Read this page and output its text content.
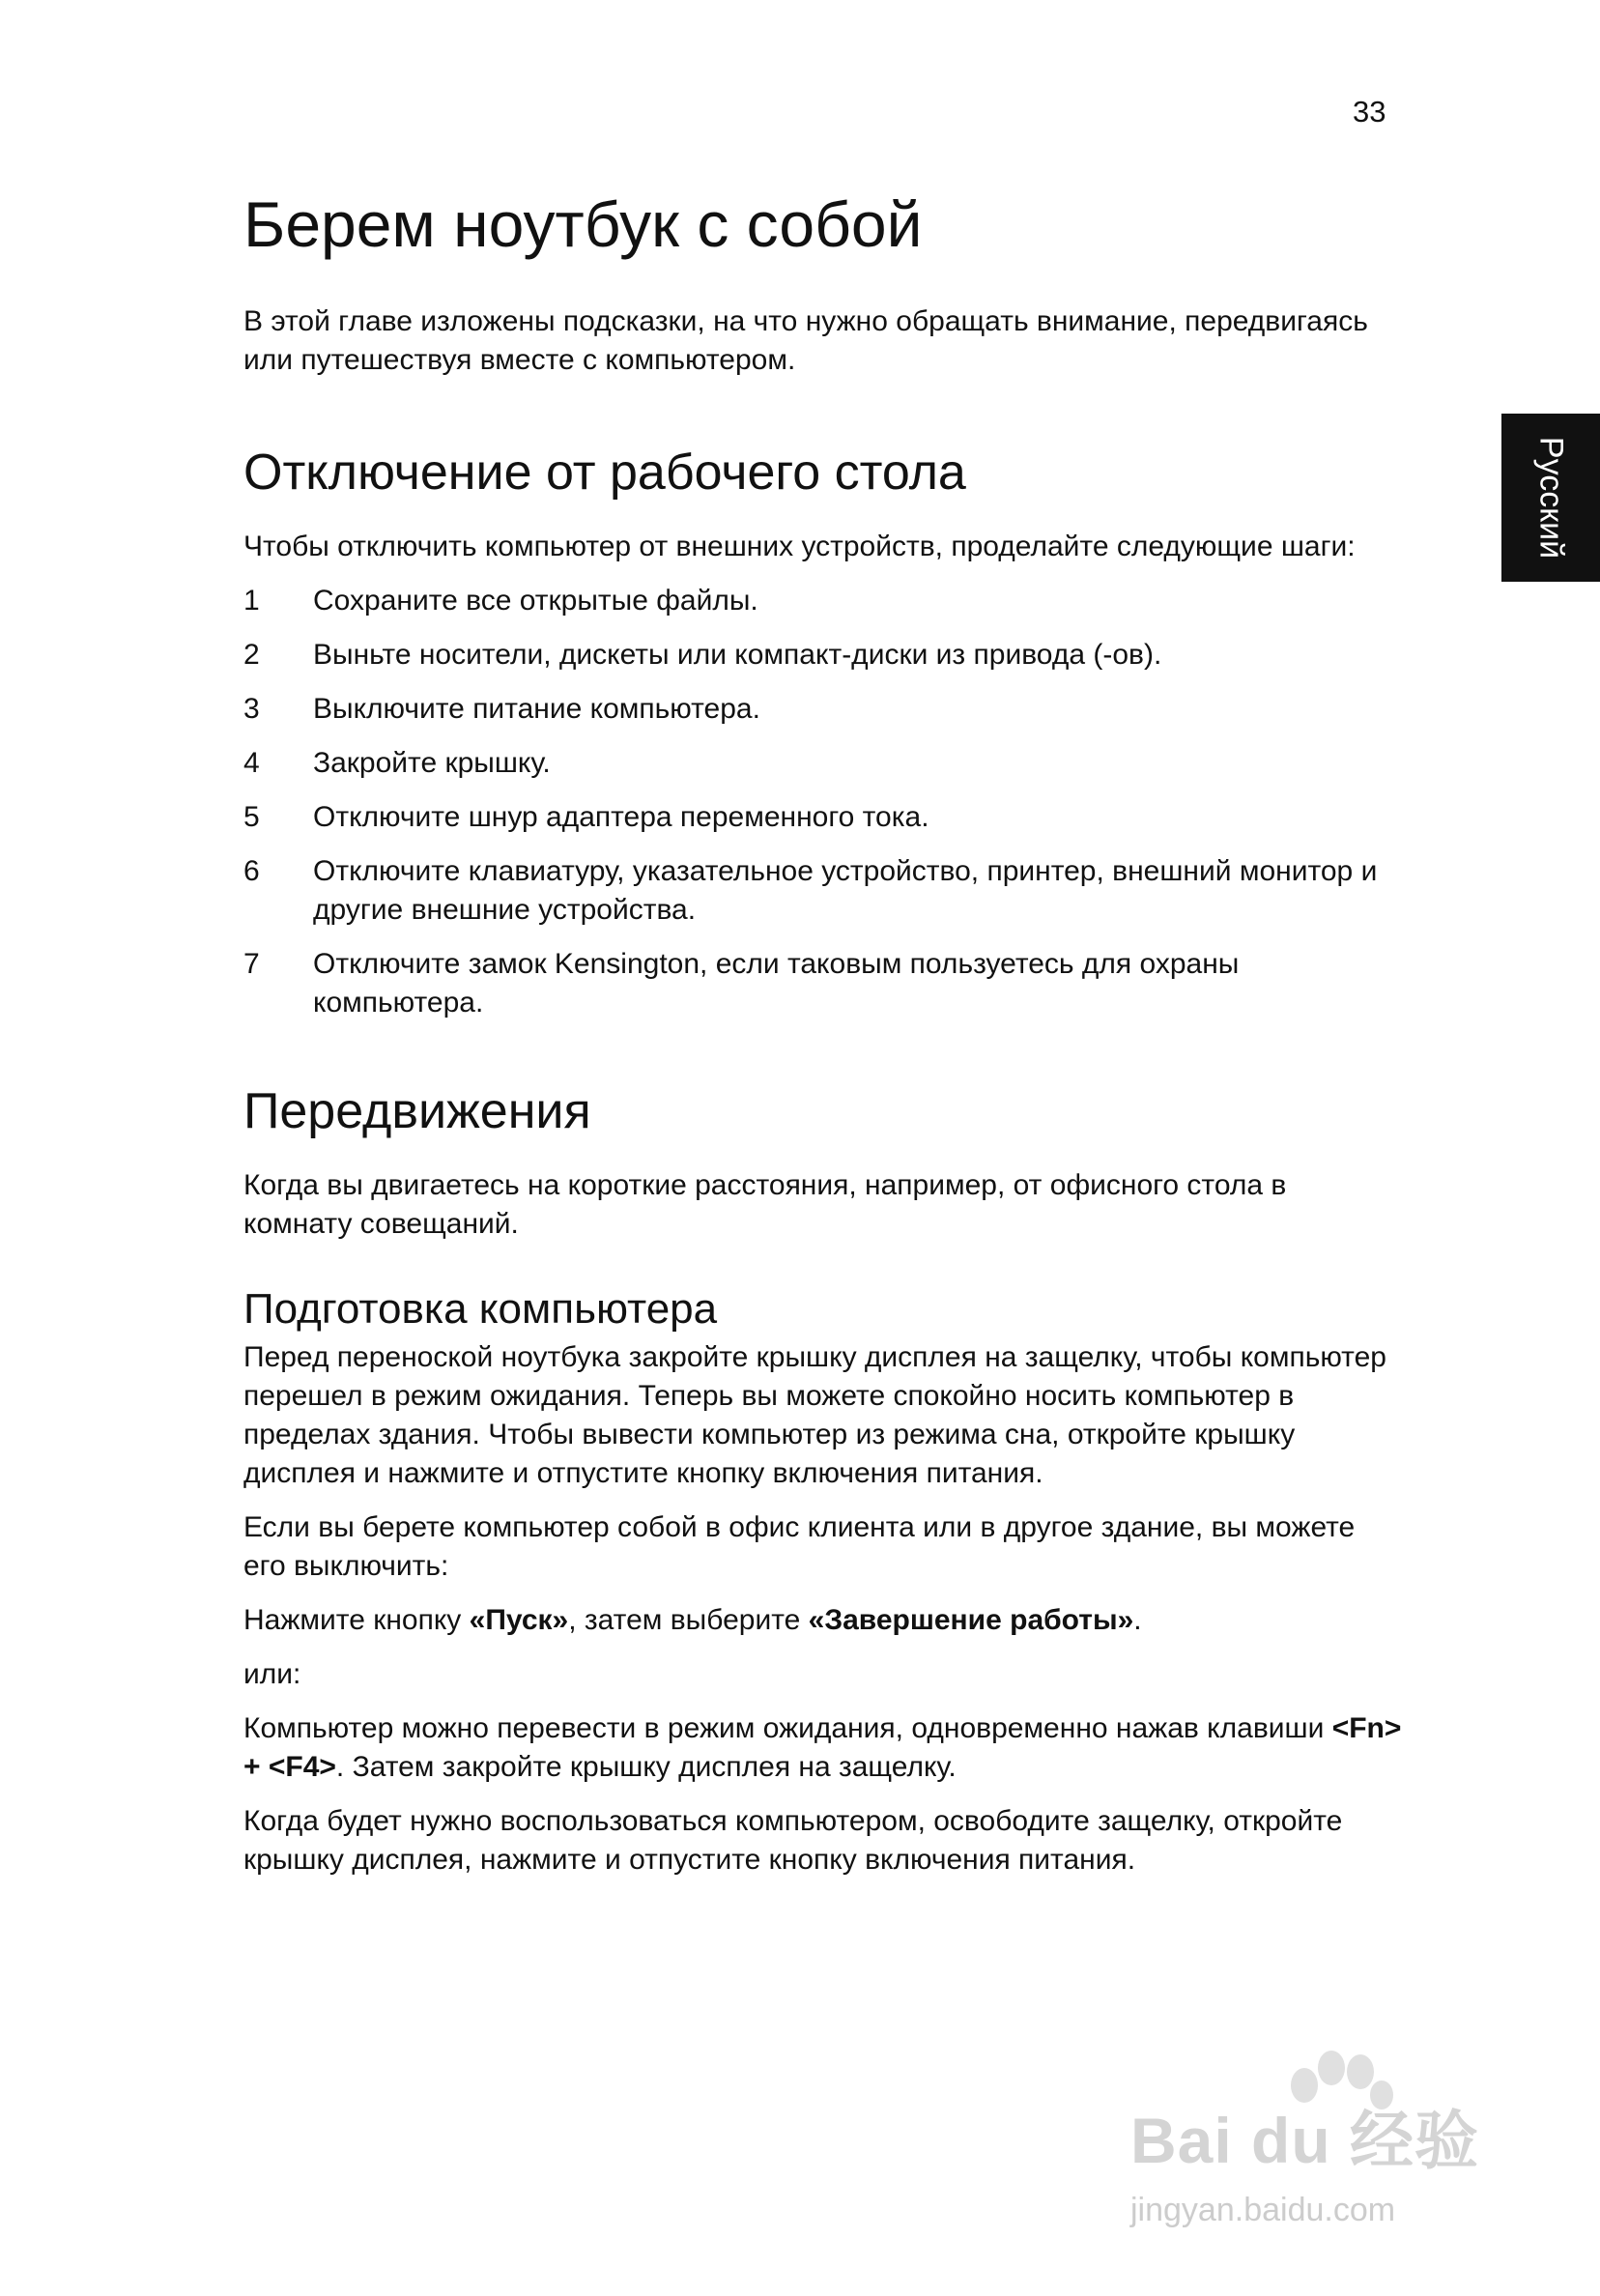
33
Русский
Берем ноутбук с собой

В этой главе изложены подсказки, на что нужно обращать внимание, передвигаясь или путешествуя вместе с компьютером.

Отключение от рабочего стола

Чтобы отключить компьютер от внешних устройств, проделайте следующие шаги:

1	Сохраните все открытые файлы.
2	Выньте носители, дискеты или компакт-диски из привода (-ов).
3	Выключите питание компьютера.
4	Закройте крышку.
5	Отключите шнур адаптера переменного тока.
6	Отключите клавиатуру, указательное устройство, принтер, внешний монитор и другие внешние устройства.
7	Отключите замок Kensington, если таковым пользуетесь для охраны компьютера.
Передвижения

Когда вы двигаетесь на короткие расстояния, например, от офисного стола в комнату совещаний.

Подготовка компьютера

Перед переноской ноутбука закройте крышку дисплея на защелку, чтобы компьютер перешел в режим ожидания. Теперь вы можете спокойно носить компьютер в пределах здания. Чтобы вывести компьютер из режима сна, откройте крышку дисплея и нажмите и отпустите кнопку включения питания.

Если вы берете компьютер собой в офис клиента или в другое здание, вы можете его выключить:

Нажмите кнопку «Пуск», затем выберите «Завершение работы».

или:

Компьютер можно перевести в режим ожидания, одновременно нажав клавиши <Fn> + <F4>. Затем закройте крышку дисплея на защелку.

Когда будет нужно воспользоваться компьютером, освободите защелку, откройте крышку дисплея, нажмите и отпустите кнопку включения питания.

Bai du 经验
jingyan.baidu.com
